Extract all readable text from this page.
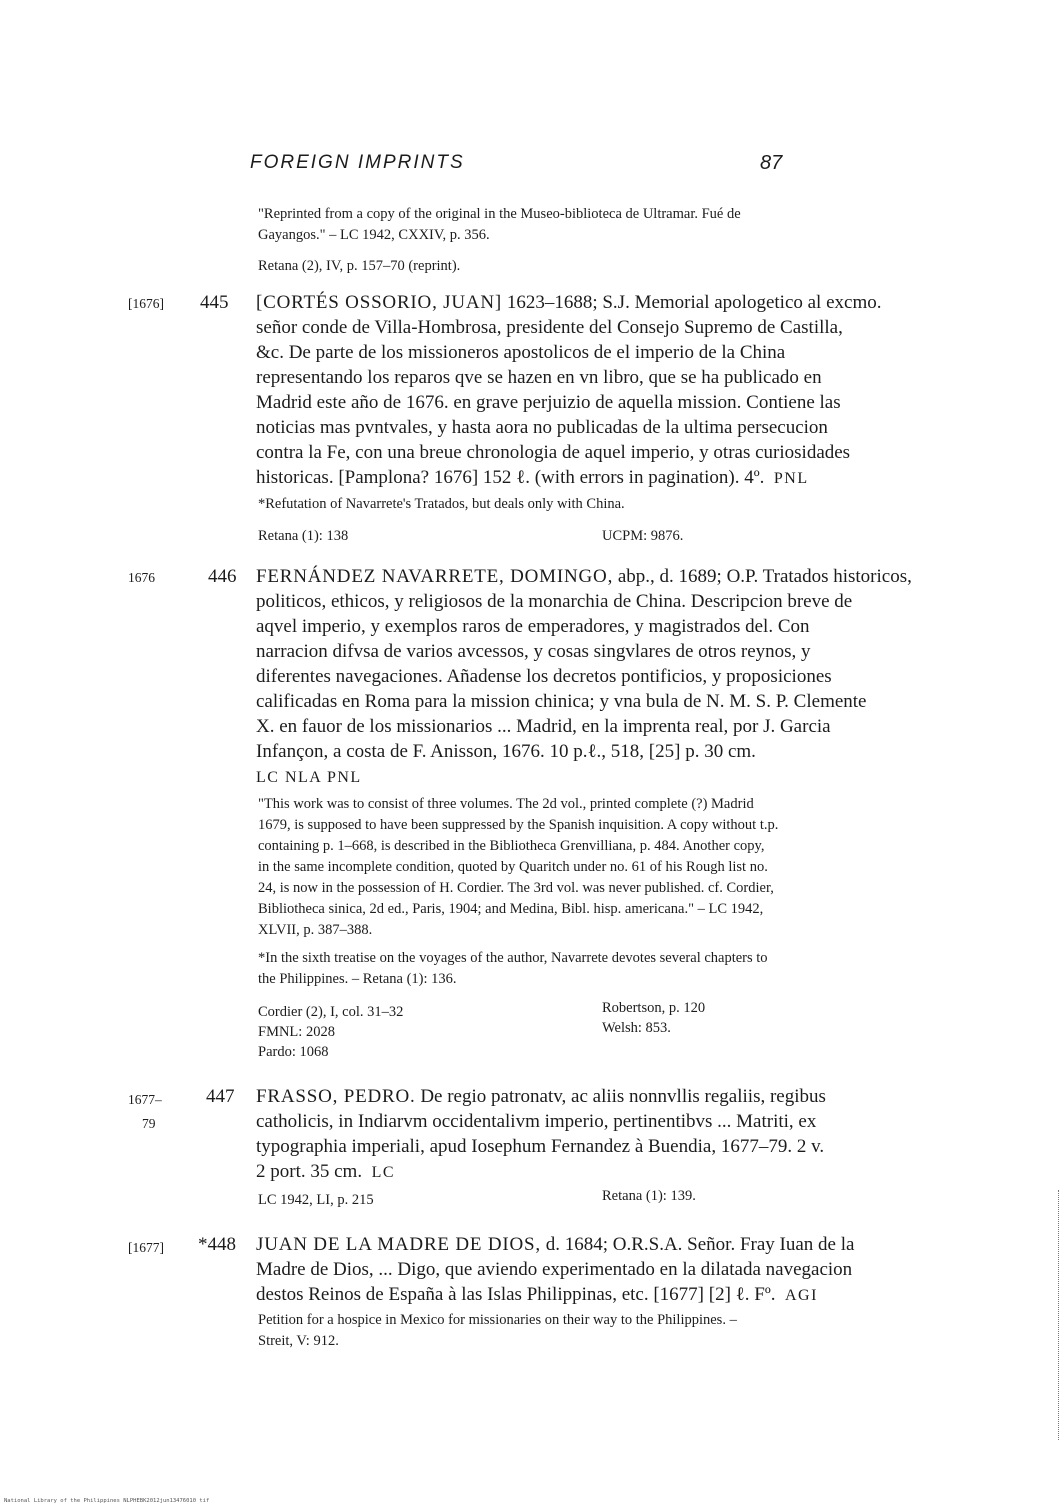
FOREIGN IMPRINTS	87

"Reprinted from a copy of the original in the Museo-biblioteca de Ultramar. Fué de

Gayangos." – LC 1942, CXXIV, p. 356.

Retana (2), IV, p. 157–70 (reprint).

[1676] 445 [CORTÉS OSSORIO, JUAN] 1623–1688; S.J. Memorial apologetico al excmo.

señor conde de Villa-Hombrosa, presidente del Consejo Supremo de Castilla,

&c. De parte de los missioneros apostolicos de el imperio de la China

representando los reparos qve se hazen en vn libro, que se ha publicado en

Madrid este año de 1676. en grave perjuizio de aquella mission. Contiene las

noticias mas pvntvales, y hasta aora no publicadas de la ultima persecucion

contra la Fe, con una breue chronologia de aquel imperio, y otras curiosidades

historicas. [Pamplona? 1676] 152 ℓ. (with errors in pagination). 4º. PNL

*Refutation of Navarrete's Tratados, but deals only with China.

Retana (1): 138	UCPM: 9876.
1676	446 FERNÁNDEZ NAVARRETE, DOMINGO, abp., d. 1689; O.P. Tratados historicos,

politicos, ethicos, y religiosos de la monarchia de China. Descripcion breve de

aqvel imperio, y exemplos raros de emperadores, y magistrados del. Con

narracion difvsa de varios avcessos, y cosas singvlares de otros reynos, y

diferentes navegaciones. Añadense los decretos pontificios, y proposiciones

calificadas en Roma para la mission chinica; y vna bula de N. M. S. P. Clemente

X. en fauor de los missionarios ... Madrid, en la imprenta real, por J. Garcia

Infançon, a costa de F. Anisson, 1676. 10 p.ℓ., 518, [25] p. 30 cm.

LC NLA PNL

"This work was to consist of three volumes. The 2d vol., printed complete (?) Madrid

1679, is supposed to have been suppressed by the Spanish inquisition. A copy without t.p.

containing p. 1–668, is described in the Bibliotheca Grenvilliana, p. 484. Another copy,

in the same incomplete condition, quoted by Quaritch under no. 61 of his Rough list no.

24, is now in the possession of H. Cordier. The 3rd vol. was never published. cf. Cordier,

Bibliotheca sinica, 2d ed., Paris, 1904; and Medina, Bibl. hisp. americana." – LC 1942,

XLVII, p. 387–388.

*In the sixth treatise on the voyages of the author, Navarrete devotes several chapters to

the Philippines. – Retana (1): 136.

Cordier (2), I, col. 31–32
FMNL: 2028
Pardo: 1068
Robertson, p. 120
Welsh: 853.
1677–
79
447 FRASSO, PEDRO. De regio patronatv, ac aliis nonnvllis regaliis, regibus

catholicis, in Indiarvm occidentalivm imperio, pertinentibvs ... Matriti, ex

typographia imperiali, apud Iosephum Fernandez à Buendia, 1677–79. 2 v.

2 port. 35 cm. LC

LC 1942, LI, p. 215	Retana (1): 139.
[1677] *448 JUAN DE LA MADRE DE DIOS, d. 1684; O.R.S.A. Señor. Fray Iuan de la

Madre de Dios, ... Digo, que aviendo experimentado en la dilatada navegacion

destos Reinos de España à las Islas Philippinas, etc. [1677] [2] ℓ. Fº. AGI

Petition for a hospice in Mexico for missionaries on their way to the Philippines. –

Streit, V: 912.

National Library of the Philippines NLPHEBK2012jun13476010 tif
